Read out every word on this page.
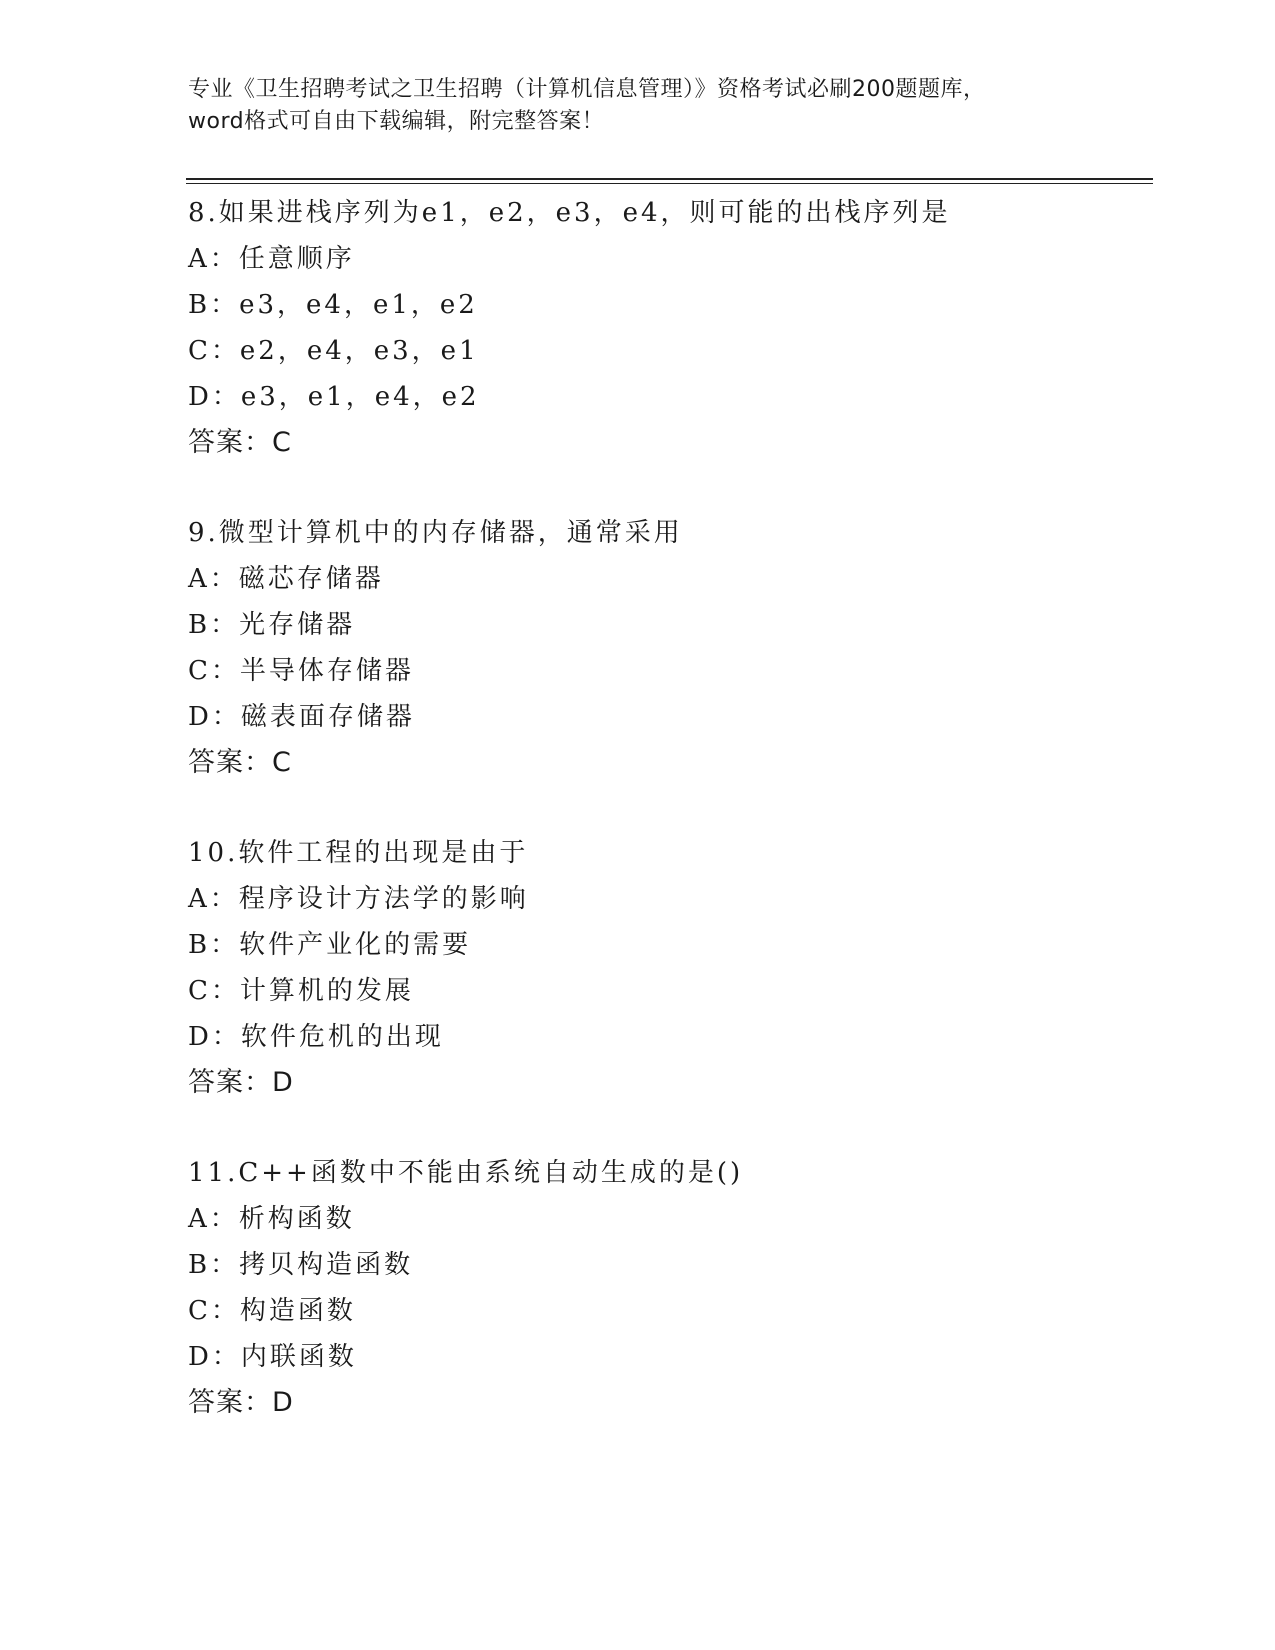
专业《卫生招聘考试之卫生招聘（计算机信息管理）》资格考试必刷200题题库，
word格式可自由下载编辑，附完整答案！
8.如果进栈序列为e1，e2，e3，e4，则可能的出栈序列是
A：任意顺序
B：e3，e4，e1，e2
C：e2，e4，e3，e1
D：e3，e1，e4，e2
答案：C
9.微型计算机中的内存储器，通常采用
A：磁芯存储器
B：光存储器
C：半导体存储器
D：磁表面存储器
答案：C
10.软件工程的出现是由于
A：程序设计方法学的影响
B：软件产业化的需要
C：计算机的发展
D：软件危机的出现
答案：D
11.C++函数中不能由系统自动生成的是()
A：析构函数
B：拷贝构造函数
C：构造函数
D：内联函数
答案：D
